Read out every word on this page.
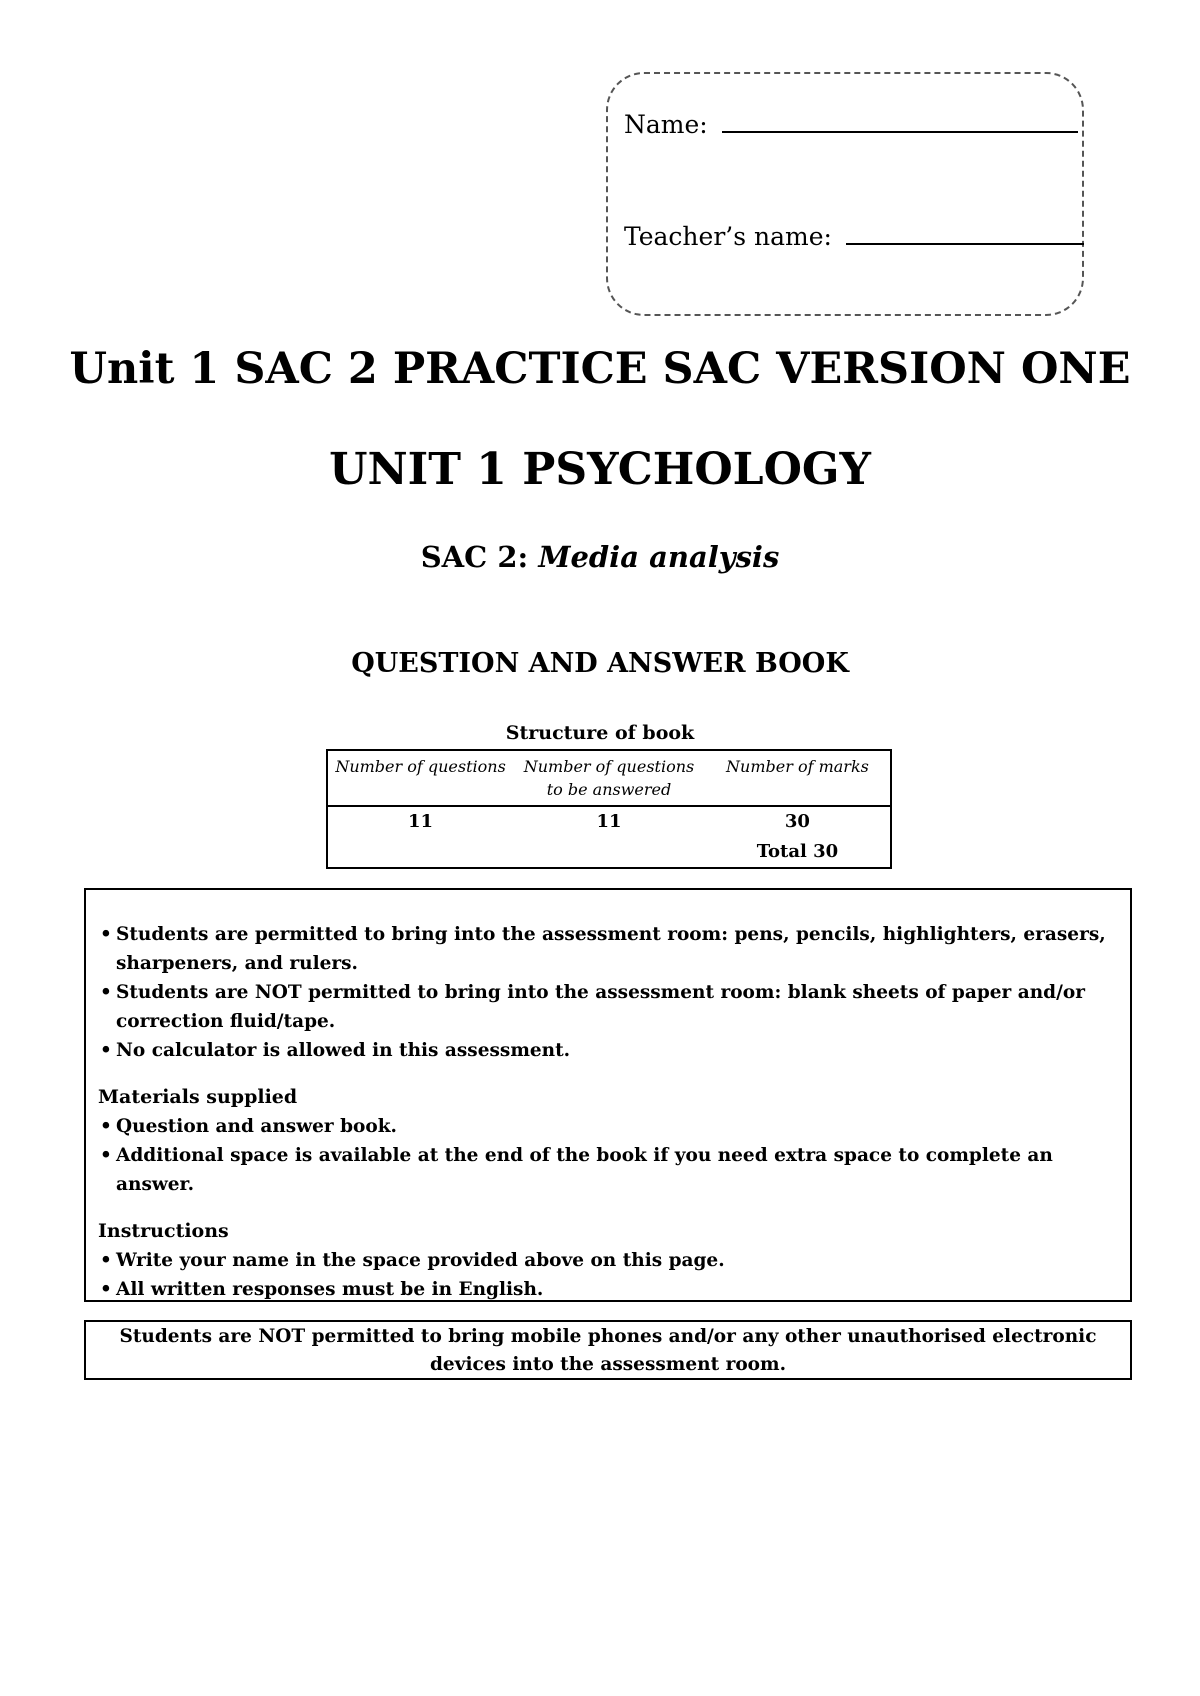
Name:
Teacher’s name:
Unit 1 SAC 2 PRACTICE SAC VERSION ONE
UNIT 1 PSYCHOLOGY
SAC 2: Media analysis
QUESTION AND ANSWER BOOK
Structure of book
Number of questions	Number of questions to be answered	Number of marks
11	11	30
		Total 30
• Students are permitted to bring into the assessment room: pens, pencils, highlighters, erasers, sharpeners, and rulers.
• Students are NOT permitted to bring into the assessment room: blank sheets of paper and/or correction fluid/tape.
• No calculator is allowed in this assessment.
Materials supplied
• Question and answer book.
• Additional space is available at the end of the book if you need extra space to complete an answer.
Instructions
• Write your name in the space provided above on this page.
• All written responses must be in English.
Students are NOT permitted to bring mobile phones and/or any other unauthorised electronic devices into the assessment room.
